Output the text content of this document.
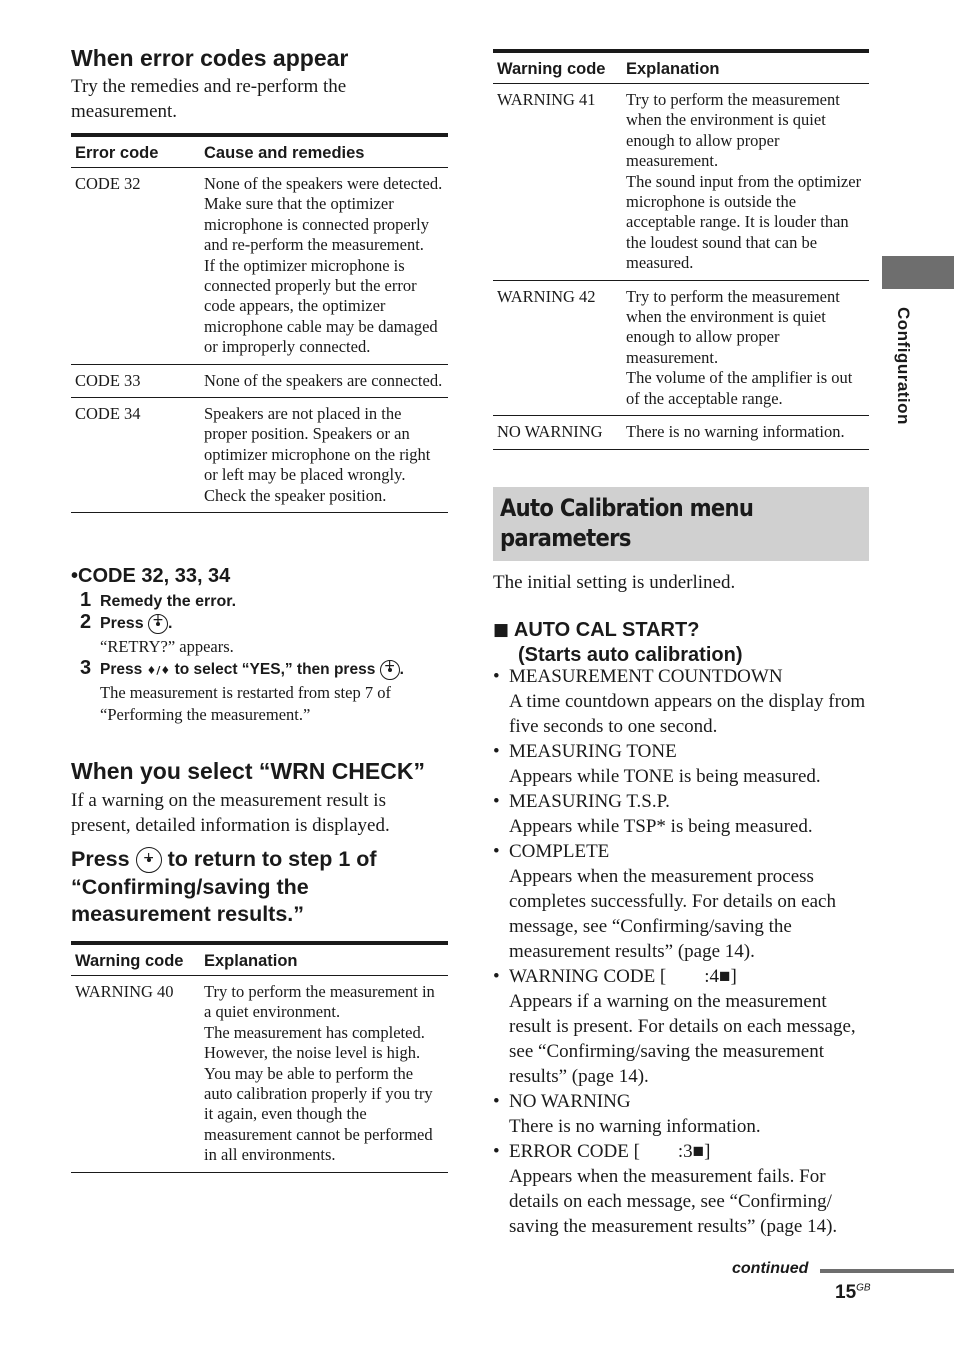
When error codes appear
Try the remedies and re-perform the measurement.
Error code	Cause and remedies
CODE 32	None of the speakers were detected. Make sure that the optimizer microphone is connected properly and re-perform the measurement.
If the optimizer microphone is connected properly but the error code appears, the optimizer microphone cable may be damaged or improperly connected.
CODE 33	None of the speakers are connected.
CODE 34	Speakers are not placed in the proper position. Speakers or an optimizer microphone on the right or left may be placed wrongly. Check the speaker position.
•CODE 32, 33, 34
1 Remedy the error.
2 Press + .
“RETRY?” appears.
3 Press ♦/♦ to select “YES,” then press + .
The measurement is restarted from step 7 of “Performing the measurement.”
When you select “WRN CHECK”
If a warning on the measurement result is present, detailed information is displayed.
Press + to return to step 1 of “Confirming/saving the measurement results.”
Warning code	Explanation
WARNING 40	Try to perform the measurement in a quiet environment.
The measurement has completed. However, the noise level is high. You may be able to perform the auto calibration properly if you try it again, even though the measurement cannot be performed in all environments.
Warning code	Explanation
WARNING 41	Try to perform the measurement when the environment is quiet enough to allow proper measurement.
The sound input from the optimizer microphone is outside the acceptable range. It is louder than the loudest sound that can be measured.
WARNING 42	Try to perform the measurement when the environment is quiet enough to allow proper measurement.
The volume of the amplifier is out of the acceptable range.
NO WARNING	There is no warning information.
Auto Calibration menu parameters
The initial setting is underlined.
■ AUTO CAL START?
(Starts auto calibration)
• MEASUREMENT COUNTDOWN
A time countdown appears on the display from five seconds to one second.
• MEASURING TONE
Appears while TONE is being measured.
• MEASURING T.S.P.
Appears while TSP* is being measured.
• COMPLETE
Appears when the measurement process completes successfully. For details on each message, see “Confirming/saving the measurement results” (page 14).
• WARNING CODE [        :4■]
Appears if a warning on the measurement result is present. For details on each message, see “Confirming/saving the measurement results” (page 14).
• NO WARNING
There is no warning information.
• ERROR CODE [        :3■]
Appears when the measurement fails. For details on each message, see “Confirming/ saving the measurement results” (page 14).
Configuration
continued
$15^{GB}$
